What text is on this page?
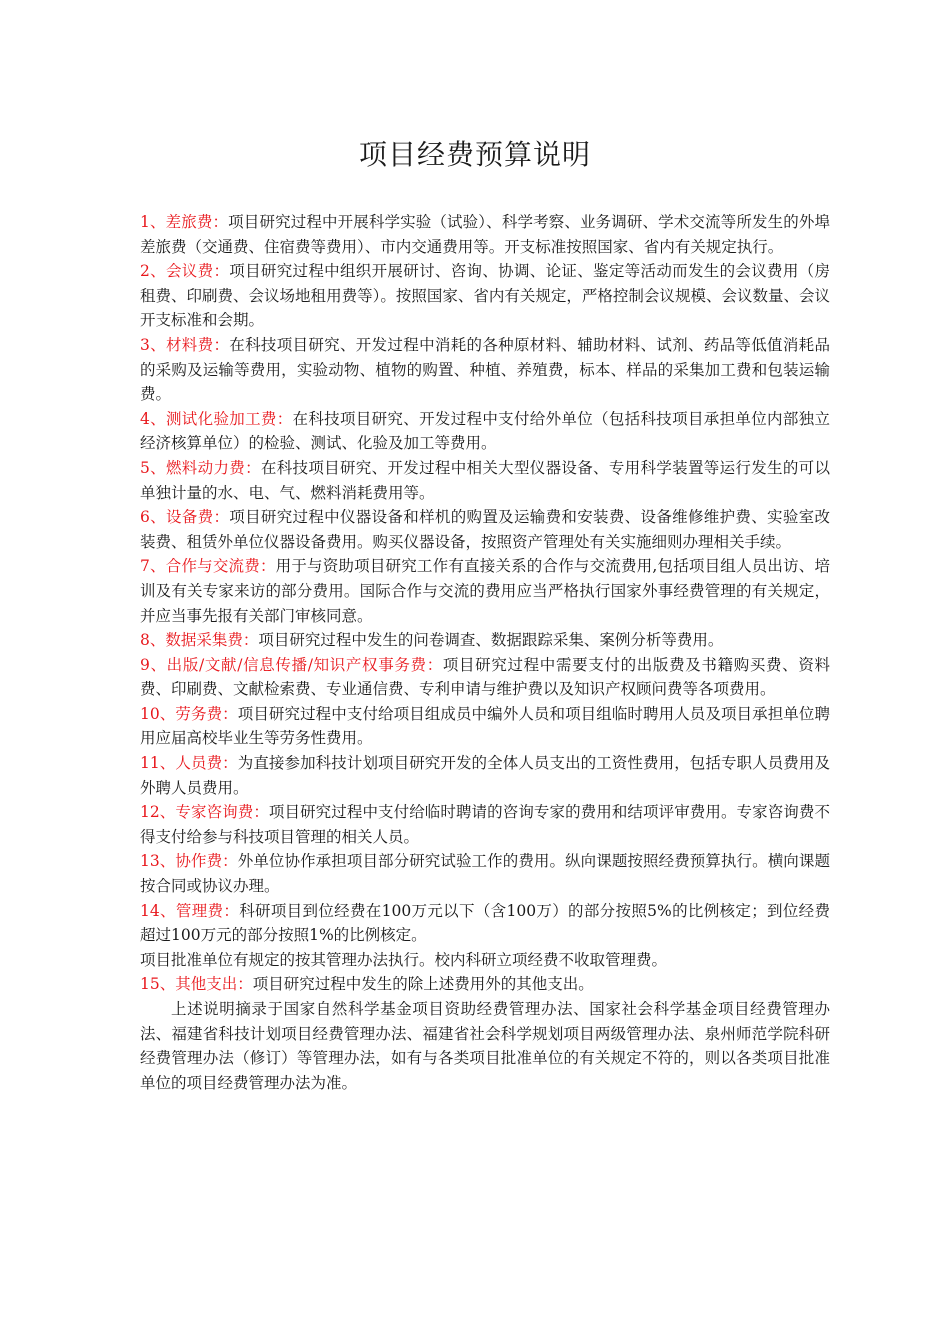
项目经费预算说明

1、差旅费：项目研究过程中开展科学实验（试验）、科学考察、业务调研、学术交流等所发生的外埠差旅费（交通费、住宿费等费用）、市内交通费用等。开支标准按照国家、省内有关规定执行。

2、会议费：项目研究过程中组织开展研讨、咨询、协调、论证、鉴定等活动而发生的会议费用（房租费、印刷费、会议场地租用费等）。按照国家、省内有关规定，严格控制会议规模、会议数量、会议开支标准和会期。

3、材料费：在科技项目研究、开发过程中消耗的各种原材料、辅助材料、试剂、药品等低值消耗品的采购及运输等费用，实验动物、植物的购置、种植、养殖费，标本、样品的采集加工费和包装运输费。

4、测试化验加工费：在科技项目研究、开发过程中支付给外单位（包括科技项目承担单位内部独立经济核算单位）的检验、测试、化验及加工等费用。

5、燃料动力费：在科技项目研究、开发过程中相关大型仪器设备、专用科学装置等运行发生的可以单独计量的水、电、气、燃料消耗费用等。

6、设备费：项目研究过程中仪器设备和样机的购置及运输费和安装费、设备维修维护费、实验室改装费、租赁外单位仪器设备费用。购买仪器设备，按照资产管理处有关实施细则办理相关手续。

7、合作与交流费：用于与资助项目研究工作有直接关系的合作与交流费用,包括项目组人员出访、培训及有关专家来访的部分费用。国际合作与交流的费用应当严格执行国家外事经费管理的有关规定，并应当事先报有关部门审核同意。

8、数据采集费：项目研究过程中发生的问卷调查、数据跟踪采集、案例分析等费用。

9、出版/文献/信息传播/知识产权事务费：项目研究过程中需要支付的出版费及书籍购买费、资料费、印刷费、文献检索费、专业通信费、专利申请与维护费以及知识产权顾问费等各项费用。

10、劳务费：项目研究过程中支付给项目组成员中编外人员和项目组临时聘用人员及项目承担单位聘用应届高校毕业生等劳务性费用。

11、人员费：为直接参加科技计划项目研究开发的全体人员支出的工资性费用，包括专职人员费用及外聘人员费用。

12、专家咨询费：项目研究过程中支付给临时聘请的咨询专家的费用和结项评审费用。专家咨询费不得支付给参与科技项目管理的相关人员。

13、协作费：外单位协作承担项目部分研究试验工作的费用。纵向课题按照经费预算执行。横向课题按合同或协议办理。

14、管理费：科研项目到位经费在100万元以下（含100万）的部分按照5%的比例核定；到位经费超过100万元的部分按照1%的比例核定。

项目批准单位有规定的按其管理办法执行。校内科研立项经费不收取管理费。

15、其他支出：项目研究过程中发生的除上述费用外的其他支出。

上述说明摘录于国家自然科学基金项目资助经费管理办法、国家社会科学基金项目经费管理办法、福建省科技计划项目经费管理办法、福建省社会科学规划项目两级管理办法、泉州师范学院科研经费管理办法（修订）等管理办法，如有与各类项目批准单位的有关规定不符的，则以各类项目批准单位的项目经费管理办法为准。
